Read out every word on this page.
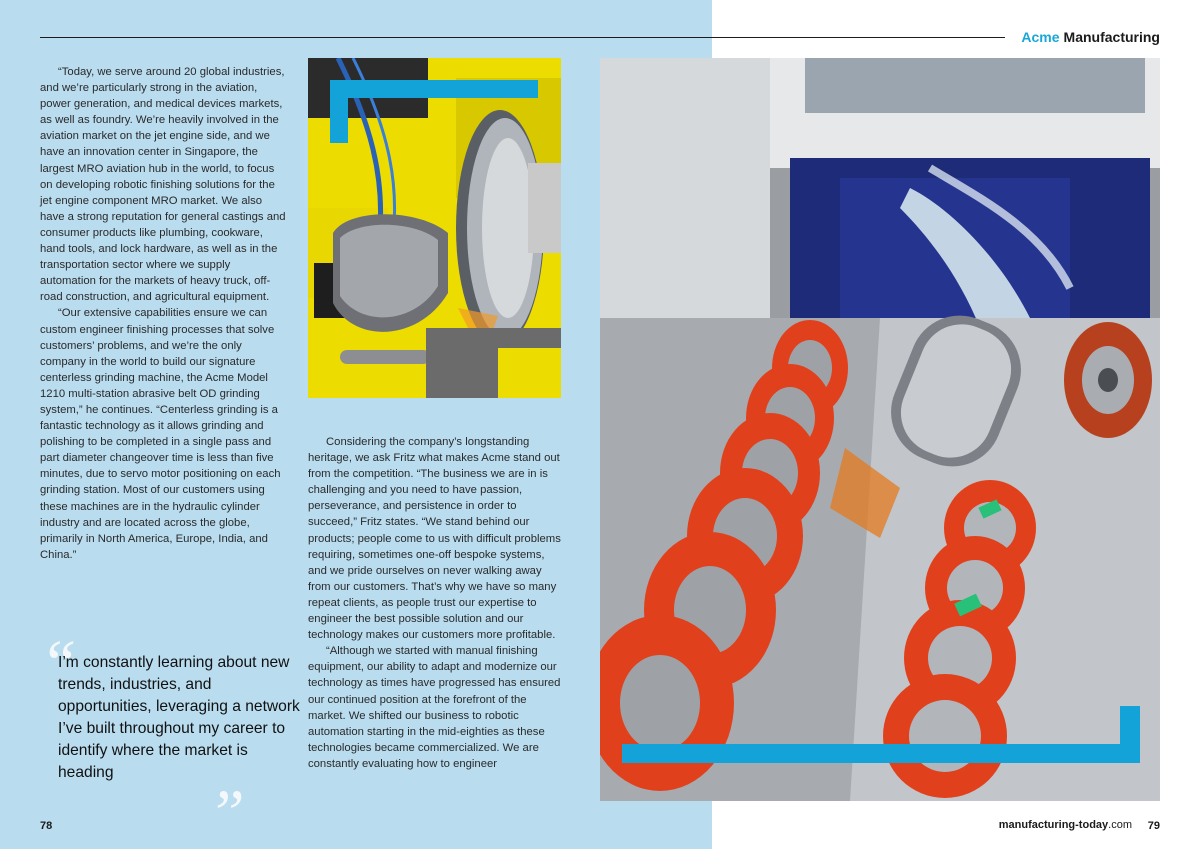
Acme Manufacturing

“Today, we serve around 20 global industries, and we’re particularly strong in the aviation, power generation, and medical devices markets, as well as foundry. We’re heavily involved in the aviation market on the jet engine side, and we have an innovation center in Singapore, the largest MRO aviation hub in the world, to focus on developing robotic finishing solutions for the jet engine component MRO market. We also have a strong reputation for general castings and consumer products like plumbing, cookware, hand tools, and lock hardware, as well as in the transportation sector where we supply automation for the markets of heavy truck, off-road construction, and agricultural equipment.

“Our extensive capabilities ensure we can custom engineer finishing processes that solve customers’ problems, and we’re the only company in the world to build our signature centerless grinding machine, the Acme Model 1210 multi-station abrasive belt OD grinding system,” he continues. “Centerless grinding is a fantastic technology as it allows grinding and polishing to be completed in a single pass and part diameter changeover time is less than five minutes, due to servo motor positioning on each grinding station. Most of our customers using these machines are in the hydraulic cylinder industry and are located across the globe, primarily in North America, Europe, India, and China.”

“
I’m constantly learning about new trends, industries, and opportunities, leveraging a network I’ve built throughout my career to identify where the market is heading
”

Considering the company’s longstanding heritage, we ask Fritz what makes Acme stand out from the competition. “The business we are in is challenging and you need to have passion, perseverance, and persistence in order to succeed,” Fritz states. “We stand behind our products; people come to us with difficult problems requiring, sometimes one-off bespoke systems, and we pride ourselves on never walking away from our customers. That’s why we have so many repeat clients, as people trust our expertise to engineer the best possible solution and our technology makes our customers more profitable.

“Although we started with manual finishing equipment, our ability to adapt and modernize our technology as times have progressed has ensured our continued position at the forefront of the market. We shifted our business to robotic automation starting in the mid-eighties as these technologies became commercialized. We are constantly evaluating how to engineer

78	manufacturing-today.com 79
